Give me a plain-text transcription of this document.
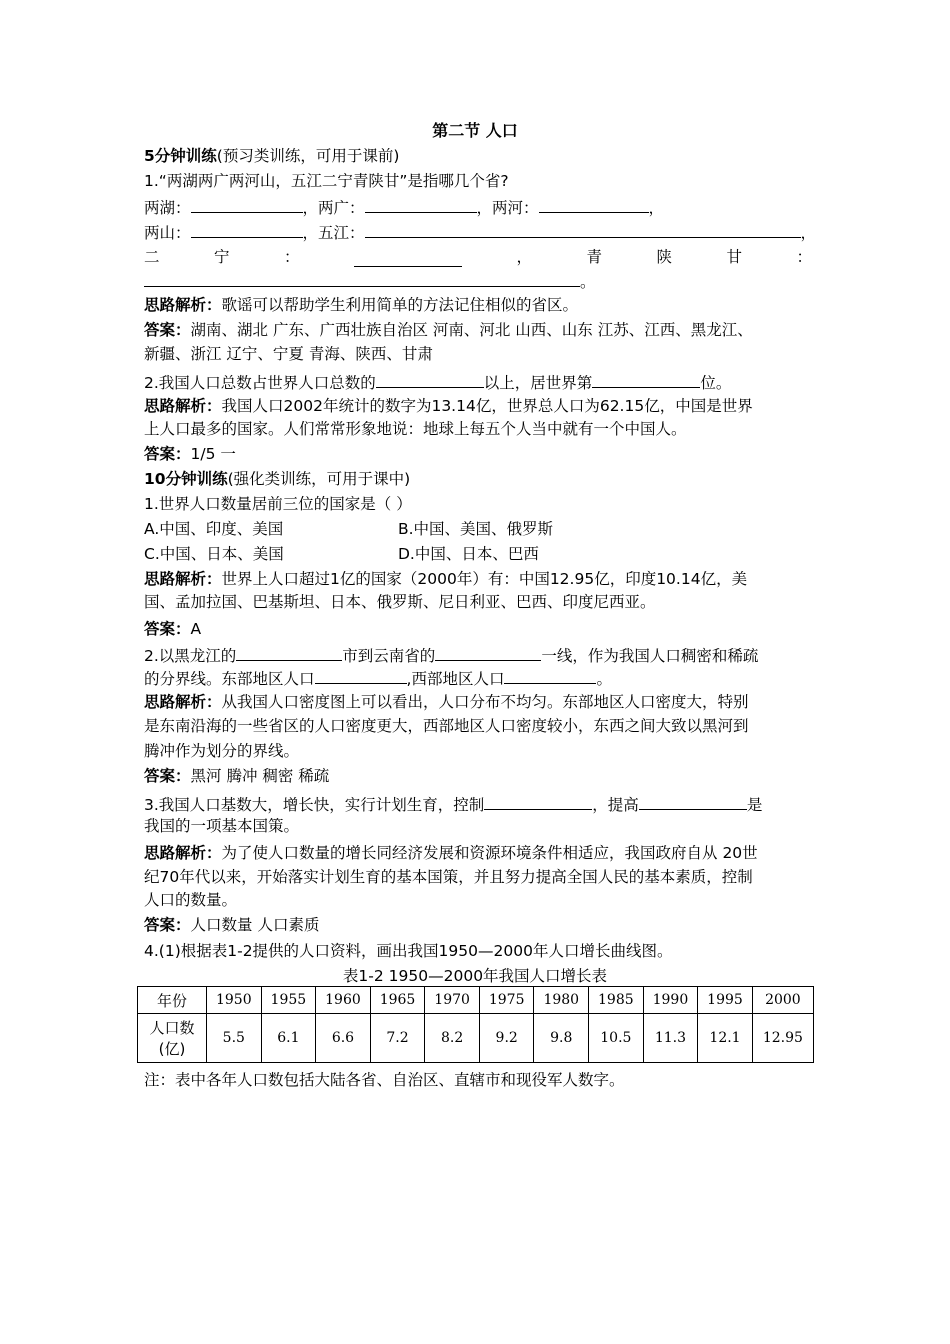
第二节 人口
5分钟训练(预习类训练，可用于课前)
1.“两湖两广两河山，五江二宁青陕甘”是指哪几个省?
两湖：	，两广：	，两河：	，
两山：	，五江：	，
二	宁	：	，	青	陕	甘	：
。
思路解析：歌谣可以帮助学生利用简单的方法记住相似的省区。
答案：湖南、湖北 广东、广西壮族自治区 河南、河北 山西、山东 江苏、江西、黑龙江、
新疆、浙江 辽宁、宁夏 青海、陕西、甘肃
2.我国人口总数占世界人口总数的	以上，居世界第	位。
思路解析：我国人口2002年统计的数字为13.14亿，世界总人口为62.15亿，中国是世界
上人口最多的国家。人们常常形象地说：地球上每五个人当中就有一个中国人。
答案：1/5 一
10分钟训练(强化类训练，可用于课中)
1.世界人口数量居前三位的国家是（ ）
A.中国、印度、美国	B.中国、美国、俄罗斯
C.中国、日本、美国	D.中国、日本、巴西
思路解析：世界上人口超过1亿的国家（2000年）有：中国12.95亿，印度10.14亿，美
国、孟加拉国、巴基斯坦、日本、俄罗斯、尼日利亚、巴西、印度尼西亚。
答案：A
2.以黑龙江的	市到云南省的	一线，作为我国人口稠密和稀疏
的分界线。东部地区人口	,西部地区人口	。
思路解析：从我国人口密度图上可以看出，人口分布不均匀。东部地区人口密度大，特别
是东南沿海的一些省区的人口密度更大，西部地区人口密度较小，东西之间大致以黑河到
腾冲作为划分的界线。
答案：黑河 腾冲 稠密 稀疏
3.我国人口基数大，增长快，实行计划生育，控制	，提高	是
我国的一项基本国策。
思路解析：为了使人口数量的增长同经济发展和资源环境条件相适应，我国政府自从 20世
纪70年代以来，开始落实计划生育的基本国策，并且努力提高全国人民的基本素质，控制
人口的数量。
答案：人口数量 人口素质
4.(1)根据表1-2提供的人口资料，画出我国1950—2000年人口增长曲线图。
表1-2 1950—2000年我国人口增长表
年份	1950	1955	1960	1965	1970	1975	1980	1985	1990	1995	2000

人口数
(亿)	5.5	6.1	6.6	7.2	8.2	9.2	9.8	10.5	11.3	12.1	12.95
注：表中各年人口数包括大陆各省、自治区、直辖市和现役军人数字。
